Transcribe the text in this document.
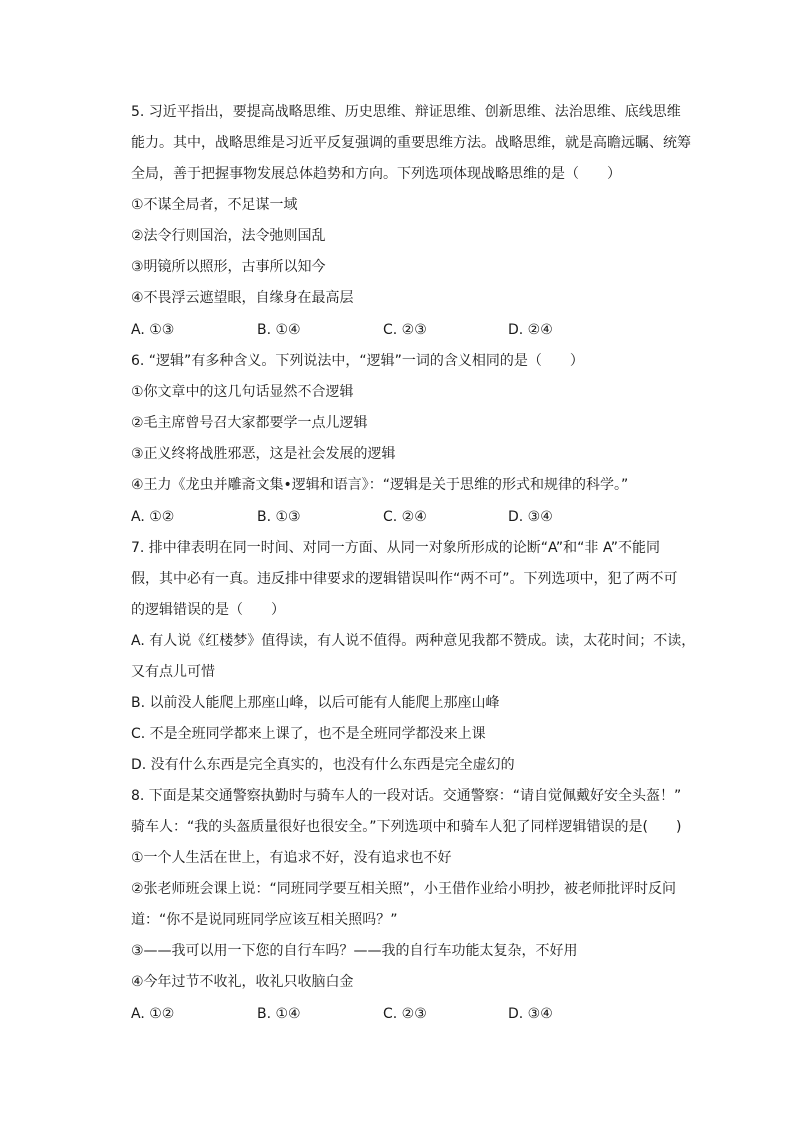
5. 习近平指出，要提高战略思维、历史思维、辩证思维、创新思维、法治思维、底线思维
能力。其中，战略思维是习近平反复强调的重要思维方法。战略思维，就是高瞻远瞩、统筹
全局，善于把握事物发展总体趋势和方向。下列选项体现战略思维的是（　　）
①不谋全局者，不足谋一域
②法令行则国治，法令弛则国乱
③明镜所以照形，古事所以知今
④不畏浮云遮望眼，自缘身在最高层
A. ①③	B. ①④	C. ②③	D. ②④
6. “逻辑”有多种含义。下列说法中，“逻辑”一词的含义相同的是（　　）
①你文章中的这几句话显然不合逻辑
②毛主席曾号召大家都要学一点儿逻辑
③正义终将战胜邪恶，这是社会发展的逻辑
④王力《龙虫并雕斋文集•逻辑和语言》：“逻辑是关于思维的形式和规律的科学。”
A. ①②	B. ①③	C. ②④	D. ③④
7. 排中律表明在同一时间、对同一方面、从同一对象所形成的论断“A”和“非 A”不能同
假，其中必有一真。违反排中律要求的逻辑错误叫作“两不可”。下列选项中，犯了两不可
的逻辑错误的是（　　）
A. 有人说《红楼梦》值得读，有人说不值得。两种意见我都不赞成。读，太花时间；不读，
又有点儿可惜
B. 以前没人能爬上那座山峰，以后可能有人能爬上那座山峰
C. 不是全班同学都来上课了，也不是全班同学都没来上课
D. 没有什么东西是完全真实的，也没有什么东西是完全虚幻的
8. 下面是某交通警察执勤时与骑车人的一段对话。交通警察：“请自觉佩戴好安全头盔！”
骑车人：“我的头盔质量很好也很安全。”下列选项中和骑车人犯了同样逻辑错误的是(　　)
①一个人生活在世上，有追求不好，没有追求也不好
②张老师班会课上说：“同班同学要互相关照”，小王借作业给小明抄，被老师批评时反问
道：“你不是说同班同学应该互相关照吗？”
③——我可以用一下您的自行车吗？——我的自行车功能太复杂，不好用
④今年过节不收礼，收礼只收脑白金
A. ①②	B. ①④	C. ②③	D. ③④
